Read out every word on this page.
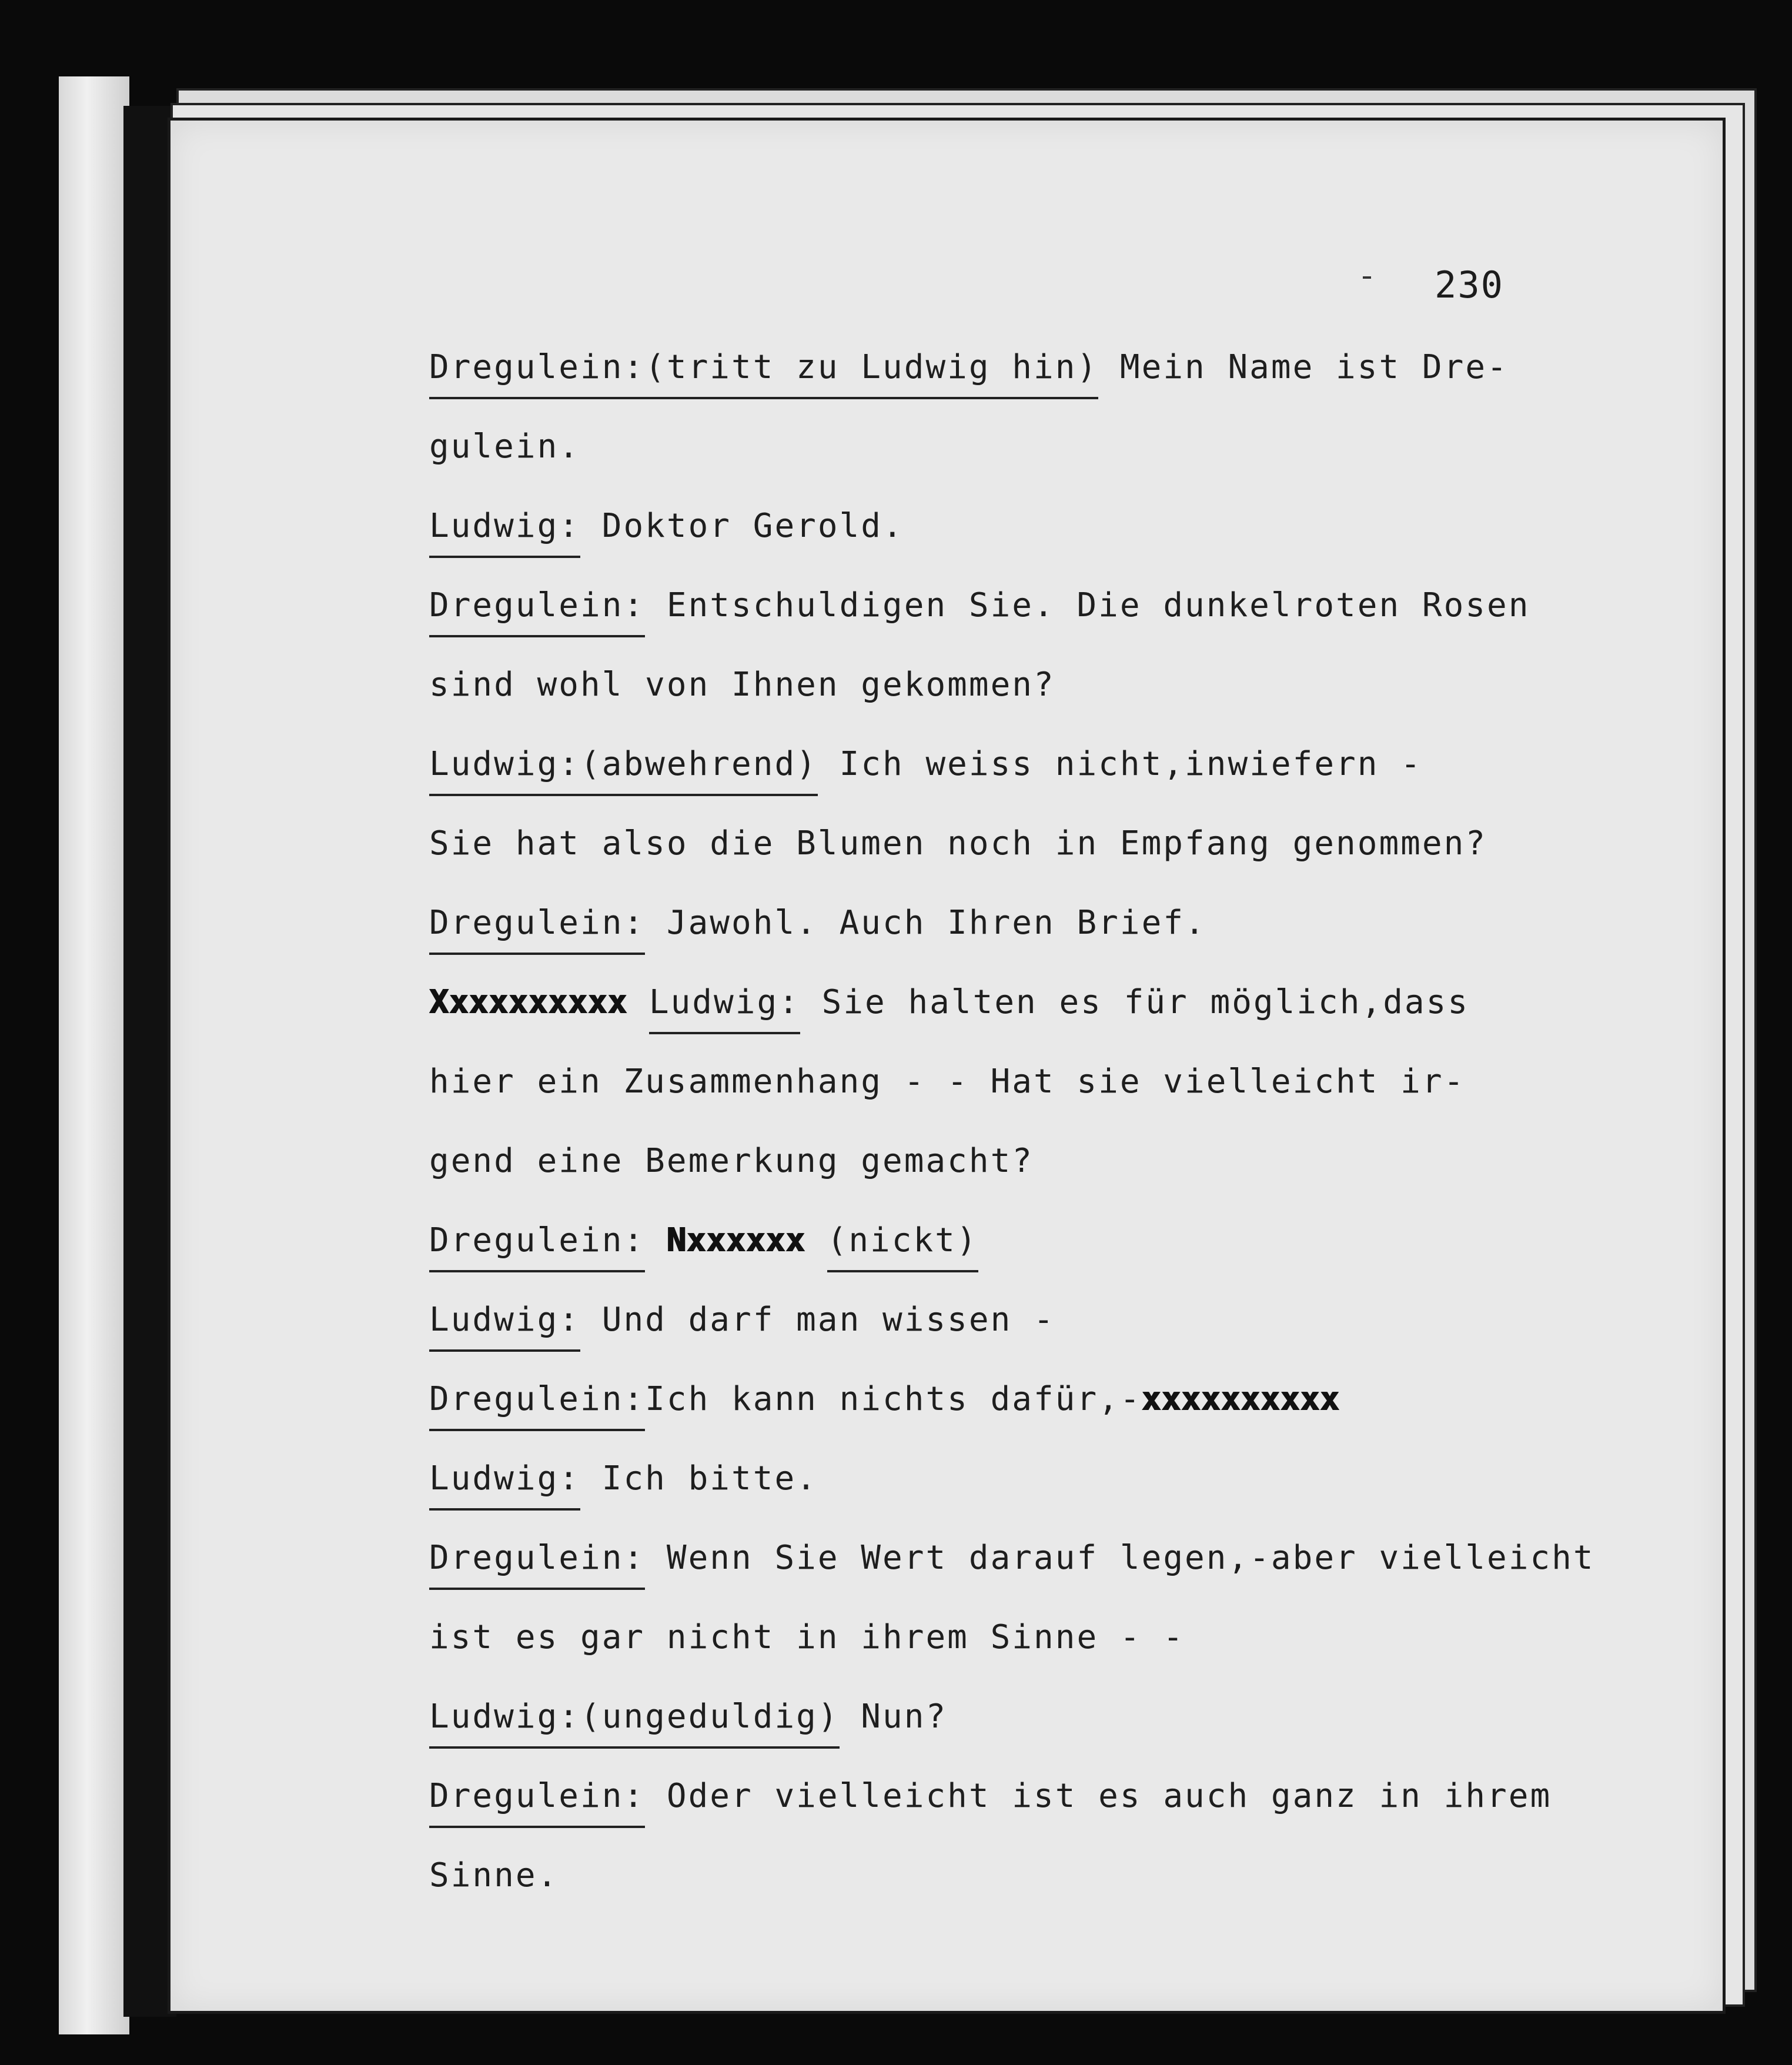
230
Dregulein:(tritt zu Ludwig hin) Mein Name ist Dre-
gulein.
Ludwig: Doktor Gerold.
Dregulein: Entschuldigen Sie. Die dunkelroten Rosen
sind wohl von Ihnen gekommen?
Ludwig:(abwehrend) Ich weiss nicht,inwiefern -
Sie hat also die Blumen noch in Empfang genommen?
Dregulein: Jawohl. Auch Ihren Brief.
Xxxxxxxxxx Ludwig: Sie halten es für möglich,dass
hier ein Zusammenhang - - Hat sie vielleicht ir-
gend eine Bemerkung gemacht?
Dregulein: Nxxxxxx (nickt)
Ludwig: Und darf man wissen -
Dregulein:Ich kann nichts dafür,-xxxxxxxxxx
Ludwig: Ich bitte.
Dregulein: Wenn Sie Wert darauf legen,-aber vielleicht
ist es gar nicht in ihrem Sinne - -
Ludwig:(ungeduldig) Nun?
Dregulein: Oder vielleicht ist es auch ganz in ihrem
Sinne.
